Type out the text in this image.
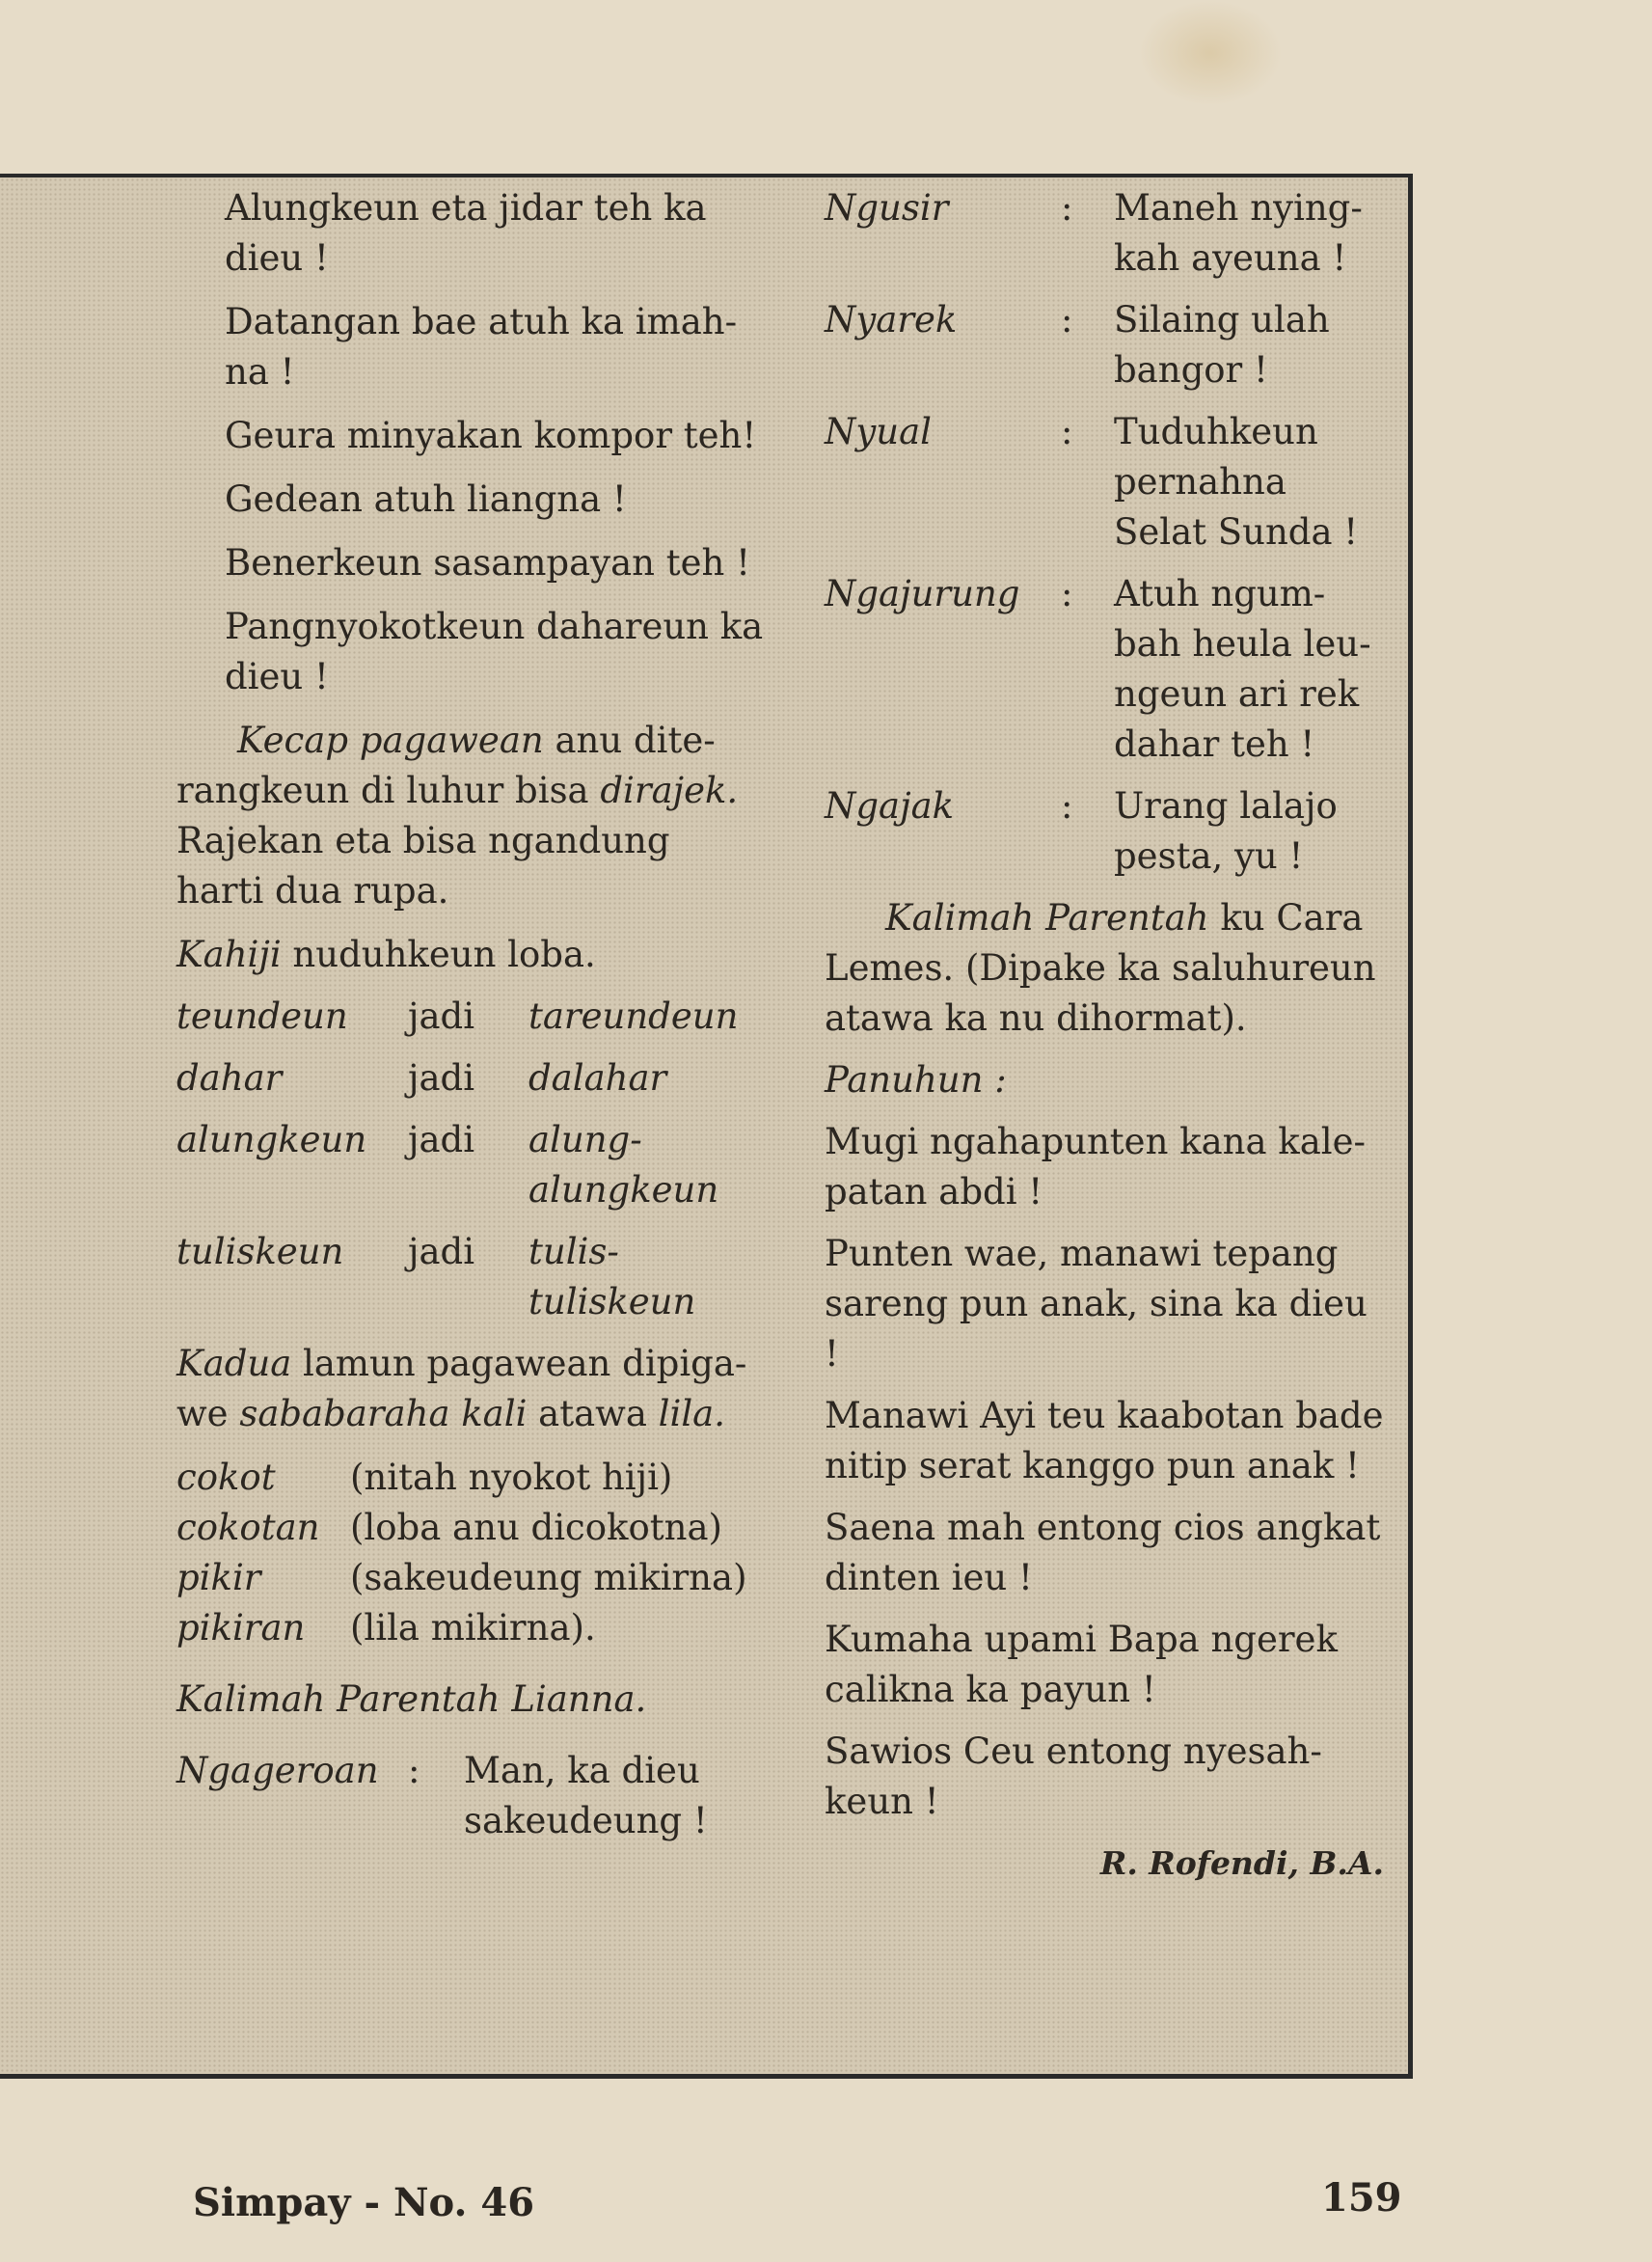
Alungkeun eta jidar teh ka dieu !

Datangan bae atuh ka imah-na !

Geura minyakan kompor teh!

Gedean atuh liangna !

Benerkeun sasampayan teh !

Pangnyokotkeun dahareun ka dieu !

Kecap pagawean anu dite-rangkeun di luhur bisa dirajek. Rajekan eta bisa ngandung harti dua rupa.

Kahiji nuduhkeun loba.

teundeun	jadi	tareundeun
dahar	jadi	dalahar
alungkeun	jadi	alung-alungkeun
tuliskeun	jadi	tulis-tuliskeun

Kadua lamun pagawean dipiga-we sababaraha kali atawa lila.

cokot	(nitah nyokot hiji)
cokotan (loba anu dicokotna)
pikir	(sakeudeung mikirna)
pikiran	(lila mikirna).

Kalimah Parentah Lianna.

Ngageroan :	Man, ka dieu sakeudeung !
Ngusir	:	Maneh nying-kah ayeuna !
Nyarek	:	Silaing ulah bangor !
Nyual	:	Tuduhkeun pernahna Selat Sunda !
Ngajurung	:	Atuh ngum-bah heula leu-ngeun ari rek dahar teh !
Ngajak	:	Urang lalajo pesta, yu !

Kalimah Parentah ku Cara Lemes. (Dipake ka saluhureun atawa ka nu dihormat).

Panuhun :

Mugi ngahapunten kana kale-patan abdi !

Punten wae, manawi tepang sareng pun anak, sina ka dieu !

Manawi Ayi teu kaabotan bade nitip serat kanggo pun anak !

Saena mah entong cios angkat dinten ieu !

Kumaha upami Bapa ngerek calikna ka payun !

Sawios Ceu entong nyesah-keun !

R. Rofendi, B.A.

Simpay - No. 46	159
